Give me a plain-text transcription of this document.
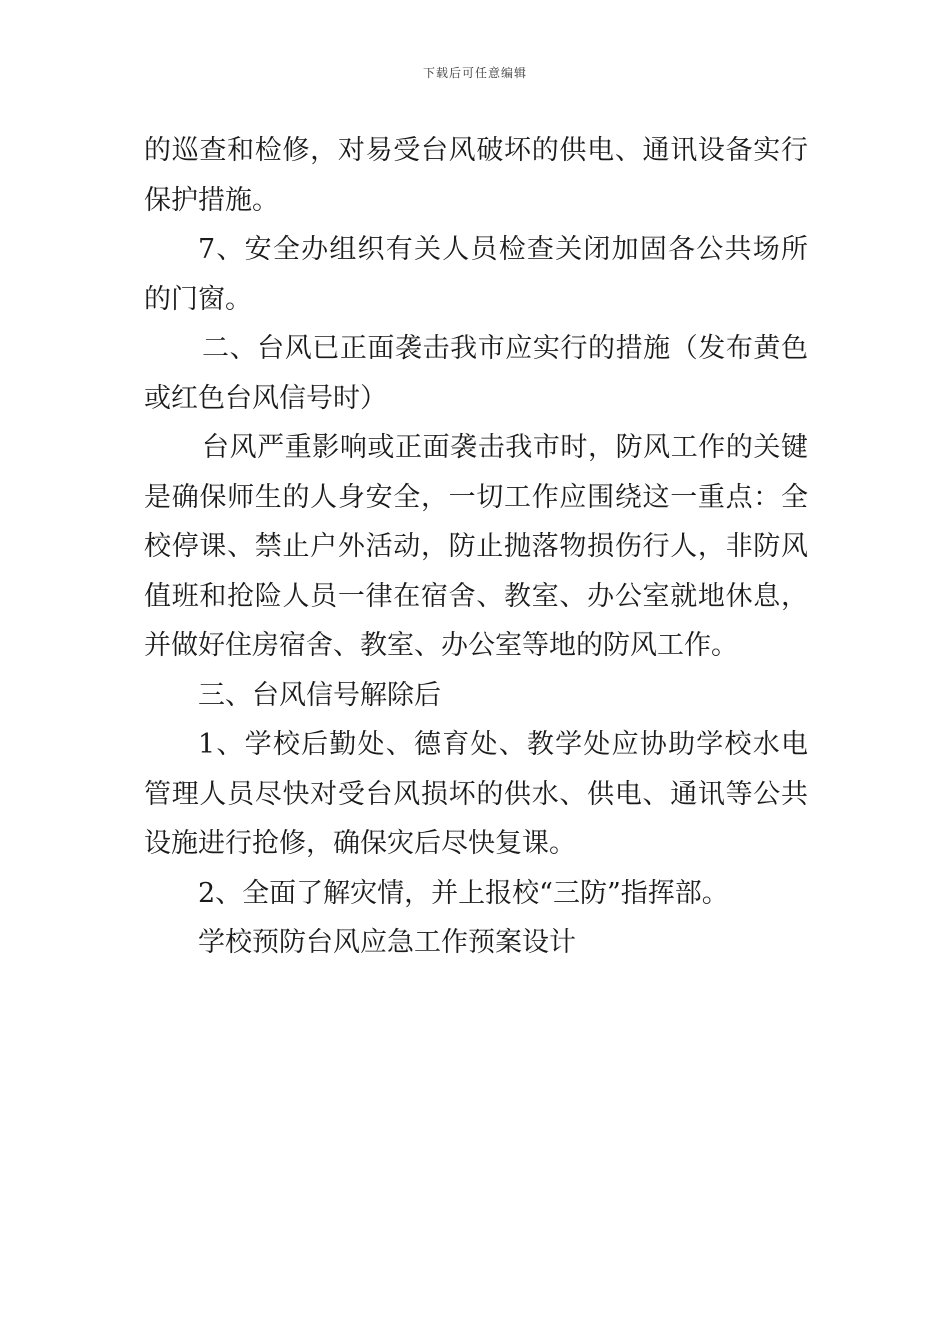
下载后可任意编辑

的巡查和检修，对易受台风破坏的供电、通讯设备实行保护措施。

7、安全办组织有关人员检查关闭加固各公共场所的门窗。

二、台风已正面袭击我市应实行的措施（发布黄色或红色台风信号时）

台风严重影响或正面袭击我市时，防风工作的关键是确保师生的人身安全，一切工作应围绕这一重点：全校停课、禁止户外活动，防止抛落物损伤行人，非防风值班和抢险人员一律在宿舍、教室、办公室就地休息，并做好住房宿舍、教室、办公室等地的防风工作。

三、台风信号解除后

1、学校后勤处、德育处、教学处应协助学校水电管理人员尽快对受台风损坏的供水、供电、通讯等公共设施进行抢修，确保灾后尽快复课。

2、全面了解灾情，并上报校“三防”指挥部。

学校预防台风应急工作预案设计
